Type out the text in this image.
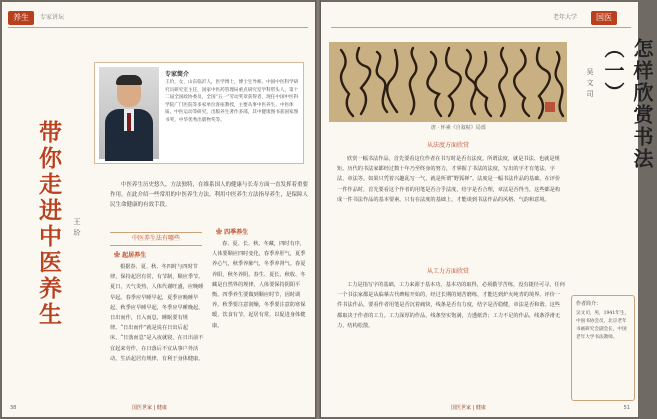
养生	专家讲坛
带你走进中医养生	王玠
专家简介
王玠，女，山东临沂人，医学博士，博士生导师。中国中医科学研究员研究室主任，国家中医药管理局重点研究室学科带头人，第十二届全国政协委员，全国“五一”劳动奖章获得者，现任中国中医科学院广门医院等多家单位客座教授，主要从事中医养生、中医体质、中医运动等研究，出版养生著作多部，其中健康图书获国家图书奖、中华优秀出版物奖等。
中医养生历史悠久，方法独特，在维系国人的健康与长寿方面一直发挥着重要作用。在此介绍一些常用的中医养生方法。利用中医养生方法指导养生，是保障人民生命健康的有效手段。
中医养生法有哪些
❀ 起居养生
根据春、夏、秋、冬四时与四时节律，保持起居有常，有节制，顺应季节。夏日，天气炎热，人体代谢旺盛，应晚睡早起。春季应早睡早起，夏季应晚睡早起，秋季应早睡早起，冬季应早睡晚起。日出而作，日入而息，睡眠要有规律。“日出而作”就是说在日出后起床，“日落而息”是入夜就寝，在日出前不宜起来劳作，在日落后不宜从事户外活动，生活起居有规律，有利于身体健康。
❀ 四季养生
春、夏、长、秋、冬藏，四时有序，人体要顺应四时变化，春季养肝气，夏季养心气，秋季养肺气，冬季养肾气。春夏养阳，秋冬养阴。春生、夏长、秋收、冬藏是自然界的规律，人体要保持阴阳平衡。四季养生要做到顺应时节，因时调养。秋季要注意润燥，冬季要注意防寒保暖，饮食有节，起居有常，以促进身体健康。
38	国医世家 | 健康
老年大学	国医
唐 · 怀素《自叙帖》局部	怎样欣赏书法（一）
吴文司
从法度方面欣赏
欣赏一幅书法作品，首先要看这位作者在书写时是否有法度。所谓法度，就是书法、也就是规矩。历代的书法家都经过数十年乃至终身的努力，才掌握了书法的法度，写出的字才有笔法、字法、章法等。如果只凭着兴趣乱写一气，就是所谓“野狐禅”。法度是一幅书法作品的基础。在评价一件作品时，首先要看这个作者的用笔是否合乎法度，结字是否合理，章法是否得当，这些都是构成一件书法作品的基本要素。只有在法度的基础上，才能谈到书法作品的风格、气韵和意境。
从工力方面欣赏
工力是指写字的基础，工力来源于基本功，基本功的取得，必须勤学苦练，没有捷径可寻。任何一个书法家都是从临摹古代碑帖开始的，经过长期的刻苦磨练，才能达到炉火纯青的境界。评价一件书法作品，要看作者用笔是否沉着痛快，线条是否有力度，结字是否稳健，章法是否和谐。这些都取决于作者的工力。工力深厚的作品，线条坚实饱满，力透纸背；工力不足的作品，线条浮滑无力，结构松散。
作者简介：
吴文司，男，1941年生，中国书协会员，北京老年书画研究会副会长，中国老年大学书法教师。
国医世家 | 健康	51
